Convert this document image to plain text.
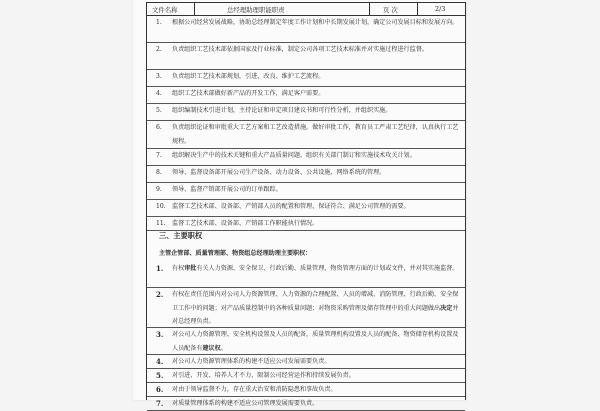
文件名称	总经理助理职能职责	页 次	2/3
1. 根据公司经营发展战略，协助总经理制定年度工作计划和中长期发展计划，确定公司发展目标和发展方向。
2. 负责组织工艺技术部依据国家及行业标准，制定公司各项工艺技术标准并对实施过程进行监督。
3. 负责组织工艺技术部规划，引进、改良、维护工艺流程。
4. 组织工艺技术部做好新产品的开发工作，满足客户需要。
5. 组织编制技术引进计划，主持论证和审定项目建议书和可行性分析，并组织实施。
6. 负责组织论证和审批重大工艺方案和工艺改造措施，做好审批工作，教育员工严肃工艺纪律，认真执行工艺规程。
7. 组织解决生产中的技术关键和重大产品质量问题，组织有关部门制订和实施技术攻关计划。
8. 领导、监督设备部开展公司生产设备、动力设备、公共设施、网络系统的管理。
9. 领导、监督产销部开展公司的订单跟踪。
10. 监督工艺技术部、设备部、产销部人员的配置和管理，保证符合、满足公司管理的需要。
11. 监督工艺技术部、设备部、产销部工作职能执行情况。
三、主要职权
主管企管部、质量管理部、物资组总经理助理主要职权：
1. 有权审批有关人力资源、安全保卫、行政后勤、质量管理、物资管理方面的计划或文件，并对其实施监督。
2. 有权在责任范围内对公司人力资源管理、人力资源的合理配置、人员的增减、消防管理、行政后勤、安全保卫工作中的问题；对产品质量控制中的各种质量问题；对物资采购管理及储存管理中的重大问题做出决定并对总经理负责。
3. 对公司人力资源管理、安全机构设置及人员的配备，质量管理机构设置及人员的配备、物资储存机构设置及人员配备有建议权。
4. 对公司人力资源管理体系的构建不适应公司发展需要负责。
5. 对引进、开发、培养人才不力，限制公司经营运作和持续发展负责。
6. 对由于领导监督不力，存在重大治安和消防隐患和事故负责。
7. 对质量管理体系的构建不适应公司管理发展需要负责。
